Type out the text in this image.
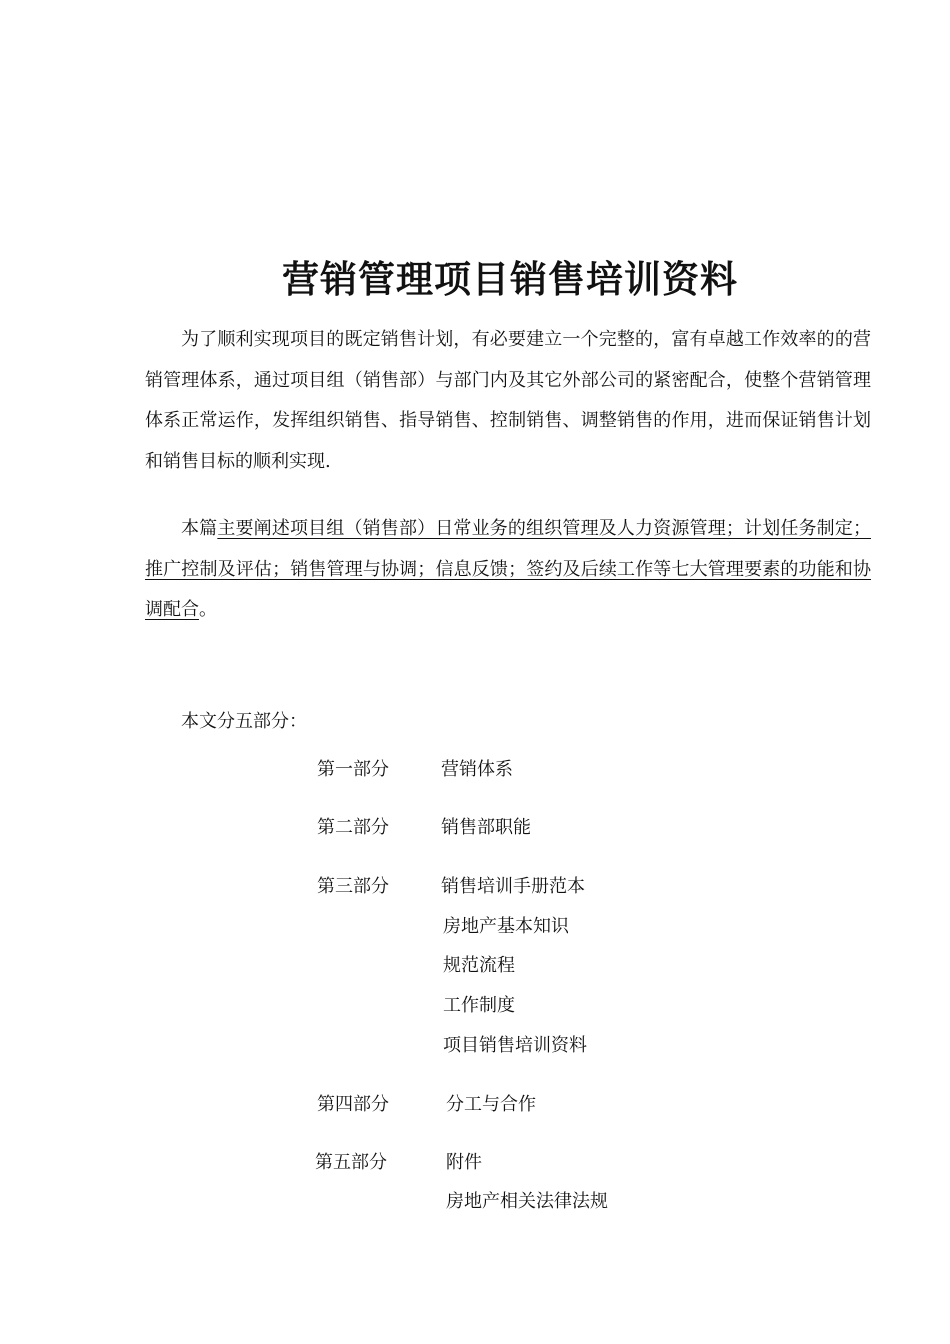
营销管理项目销售培训资料

为了顺利实现项目的既定销售计划，有必要建立一个完整的，富有卓越工作效率的的营销管理体系，通过项目组（销售部）与部门内及其它外部公司的紧密配合，使整个营销管理体系正常运作，发挥组织销售、指导销售、控制销售、调整销售的作用，进而保证销售计划和销售目标的顺利实现.

本篇主要阐述项目组（销售部）日常业务的组织管理及人力资源管理；计划任务制定；推广控制及评估；销售管理与协调；信息反馈；签约及后续工作等七大管理要素的功能和协调配合。

本文分五部分：
第一部分	营销体系
第二部分	销售部职能
第三部分	销售培训手册范本
房地产基本知识
规范流程
工作制度
项目销售培训资料
第四部分	分工与合作
第五部分	附件
房地产相关法律法规
